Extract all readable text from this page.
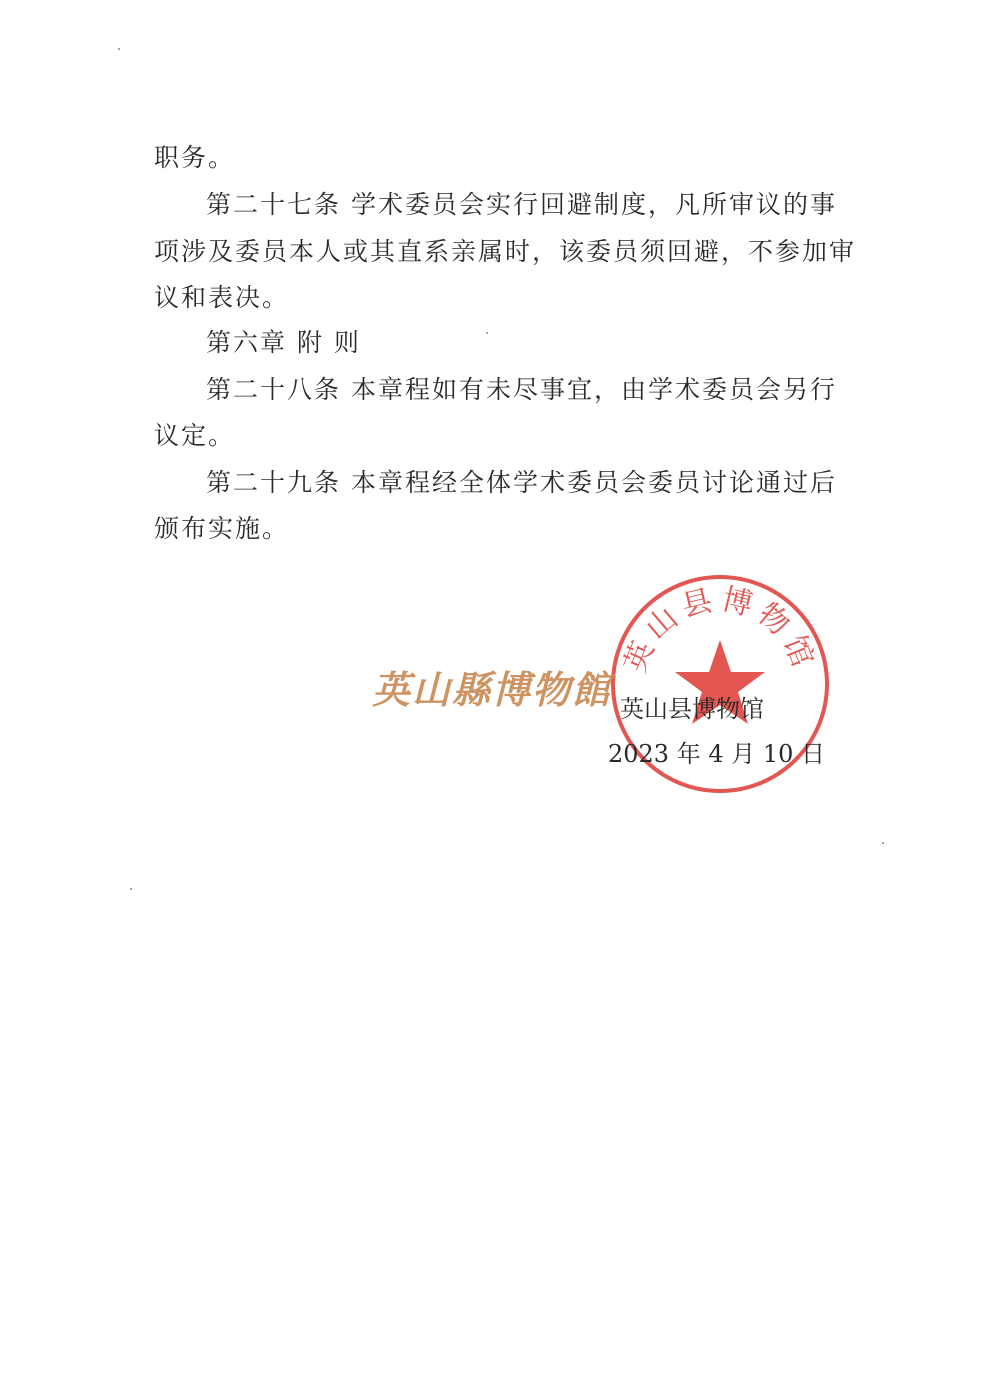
职务。
第二十七条 学术委员会实行回避制度，凡所审议的事
项涉及委员本人或其直系亲属时，该委员须回避，不参加审
议和表决。
第六章 附 则
第二十八条 本章程如有未尽事宜，由学术委员会另行
议定。
第二十九条 本章程经全体学术委员会委员讨论通过后
颁布实施。
英山县博物馆
英山縣博物館 英山县博物馆
2023 年 4 月 10 日
